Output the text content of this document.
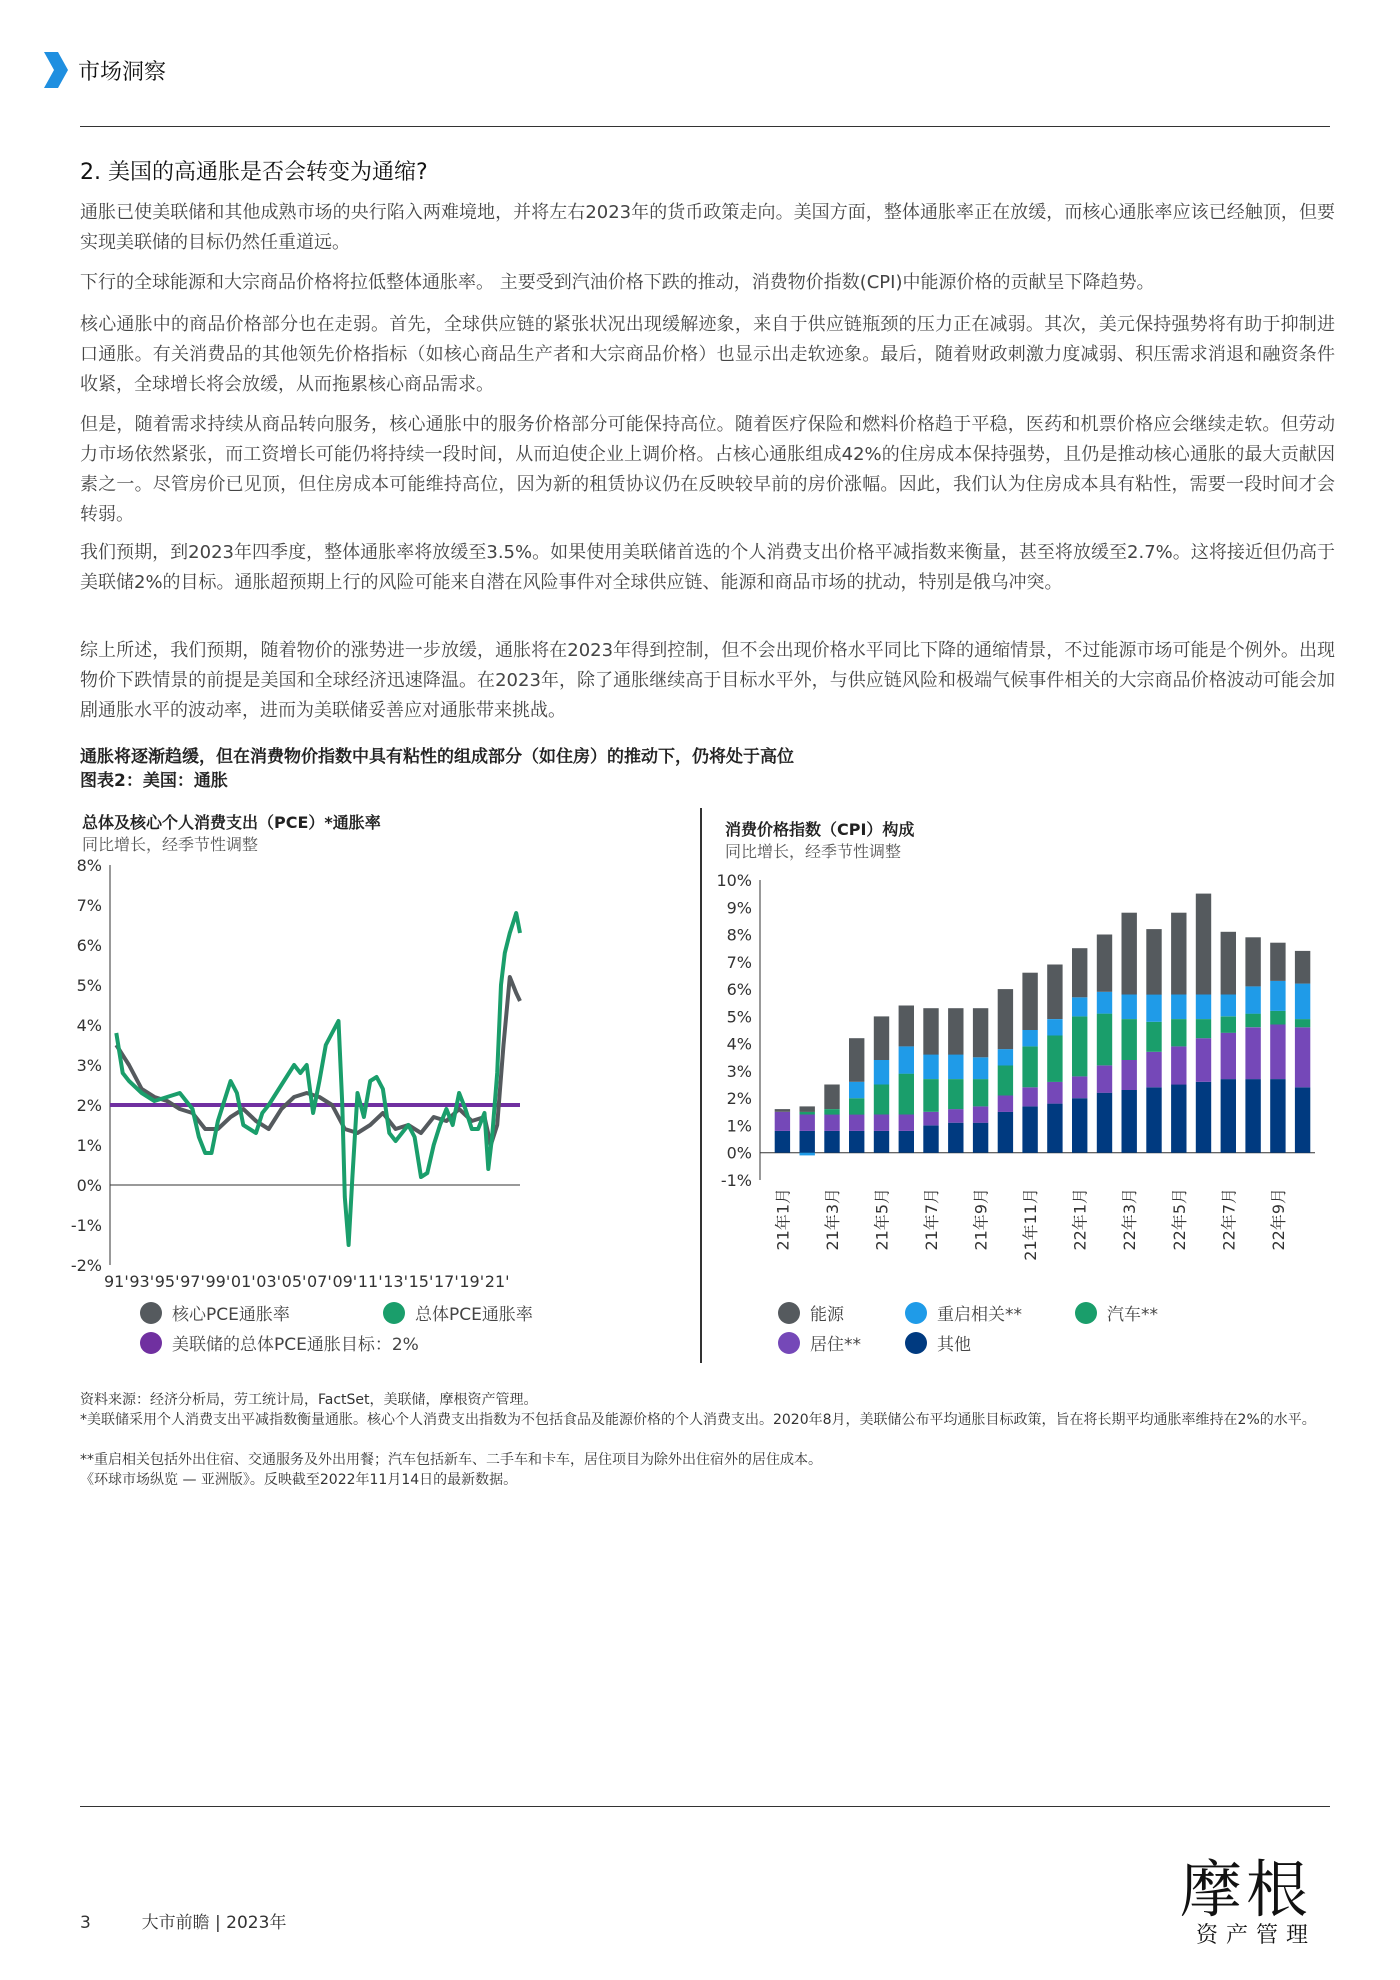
市场洞察
2. 美国的高通胀是否会转变为通缩?
通胀已使美联储和其他成熟市场的央行陷入两难境地，并将左右2023年的货币政策走向。美国方面，整体通胀率正在放缓，而核心通胀率应该已经触顶，但要实现美联储的目标仍然任重道远。
下行的全球能源和大宗商品价格将拉低整体通胀率。 主要受到汽油价格下跌的推动，消费物价指数(CPI)中能源价格的贡献呈下降趋势。
核心通胀中的商品价格部分也在走弱。首先，全球供应链的紧张状况出现缓解迹象，来自于供应链瓶颈的压力正在减弱。其次，美元保持强势将有助于抑制进口通胀。有关消费品的其他领先价格指标（如核心商品生产者和大宗商品价格）也显示出走软迹象。最后，随着财政刺激力度减弱、积压需求消退和融资条件收紧，全球增长将会放缓，从而拖累核心商品需求。
但是，随着需求持续从商品转向服务，核心通胀中的服务价格部分可能保持高位。随着医疗保险和燃料价格趋于平稳，医药和机票价格应会继续走软。但劳动力市场依然紧张，而工资增长可能仍将持续一段时间，从而迫使企业上调价格。占核心通胀组成42%的住房成本保持强势，且仍是推动核心通胀的最大贡献因素之一。尽管房价已见顶，但住房成本可能维持高位，因为新的租赁协议仍在反映较早前的房价涨幅。因此，我们认为住房成本具有粘性，需要一段时间才会转弱。
我们预期，到2023年四季度，整体通胀率将放缓至3.5%。如果使用美联储首选的个人消费支出价格平减指数来衡量，甚至将放缓至2.7%。这将接近但仍高于美联储2%的目标。通胀超预期上行的风险可能来自潜在风险事件对全球供应链、能源和商品市场的扰动，特别是俄乌冲突。
综上所述，我们预期，随着物价的涨势进一步放缓，通胀将在2023年得到控制，但不会出现价格水平同比下降的通缩情景，不过能源市场可能是个例外。出现物价下跌情景的前提是美国和全球经济迅速降温。在2023年，除了通胀继续高于目标水平外，与供应链风险和极端气候事件相关的大宗商品价格波动可能会加剧通胀水平的波动率，进而为美联储妥善应对通胀带来挑战。
通胀将逐渐趋缓，但在消费物价指数中具有粘性的组成部分（如住房）的推动下，仍将处于高位
图表2：美国：通胀
总体及核心个人消费支出（PCE）*通胀率
同比增长，经季节性调整
8%
7%
6%
5%
4%
3%
2%
1%
0%
-1%
-2%
91' 93' 95' 97' 99' 01' 03' 05' 07' 09' 11' 13' 15' 17' 19' 21'
消费价格指数（CPI）构成
同比增长，经季节性调整
10%
9%
8%
7%
6%
5%
4%
3%
2%
1%
0%
-1%
21年1月 21年3月 21年5月 21年7月 21年9月 21年11月 22年1月 22年3月 22年5月 22年7月 22年9月
核心PCE通胀率	总体PCE通胀率
美联储的总体PCE通胀目标：2%
能源	重启相关**	汽车**
居住**	其他
资料来源：经济分析局，劳工统计局，FactSet，美联储，摩根资产管理。
*美联储采用个人消费支出平减指数衡量通胀。核心个人消费支出指数为不包括食品及能源价格的个人消费支出。2020年8月，美联储公布平均通胀目标政策，旨在将长期平均通胀率维持在2%的水平。
**重启相关包括外出住宿、交通服务及外出用餐；汽车包括新车、二手车和卡车，居住项目为除外出住宿外的居住成本。
《环球市场纵览 — 亚洲版》。反映截至2022年11月14日的最新数据。
3	大市前瞻 | 2023年	摩根
资产管理
